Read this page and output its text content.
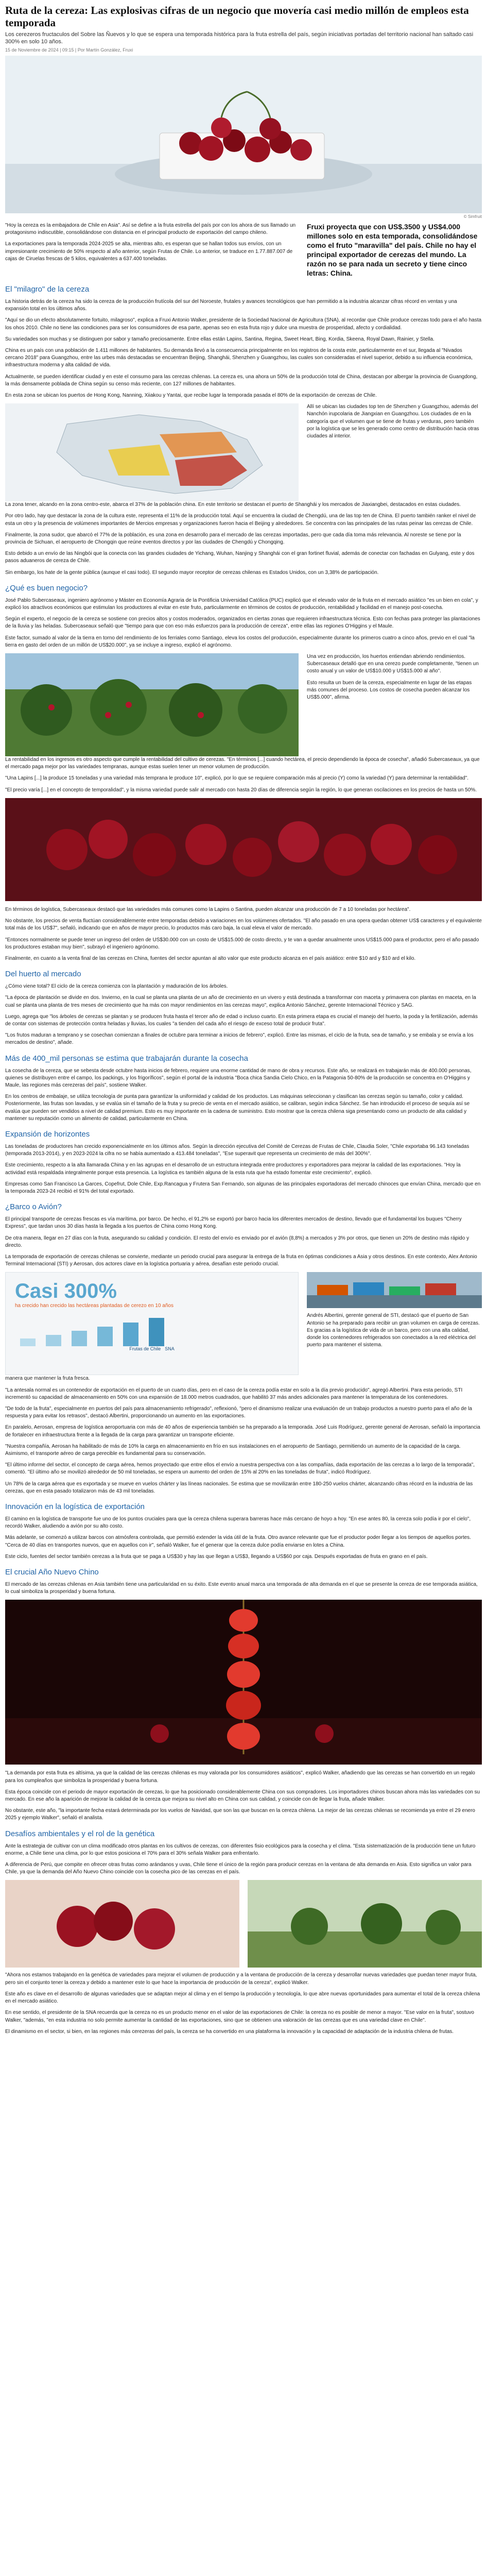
Ruta de la cereza: Las explosivas cifras de un negocio que movería casi medio millón de empleos esta temporada

Los cerezeros fructaculos del Sobre las Ñuevos y lo que se espera una temporada histórica para la fruta estrella del país, según iniciativas portadas del territorio nacional han saltado casi 300% en solo 10 años.

15 de Noviembre de 2024 | 09:15 | Por Martín González, Fruxi

© Simfruit

"Hoy la cereza es la embajadora de Chile en Asia". Así se define a la fruta estrella del país por con los ahora de sus llamado un protagonismo indiscutible, consolidándose con distancia en el principal producto de exportación del campo chileno.

La exportaciones para la temporada 2024-2025 se alta, mientras alto, es esperan que se hallan todos sus envíos, con un impresionante crecimiento de 50% respecto al año anterior, según Frutas de Chile. Lo anterior, se traduce en 1.77.887.007 de cajas de Ciruelas frescas de 5 kilos, equivalentes a 637.400 toneladas.

Fruxi proyecta que con US$.3500 y US$4.000 millones solo en esta temporada, consolidándose como el fruto "maravilla" del país. Chile no hay el principal exportador de cerezas del mundo. La razón no se para nada un secreto y tiene cinco letras: China.
El "milagro" de la cereza

La historia detrás de la cereza ha sido la cereza de la producción frutícola del sur del Noroeste, frutales y avances tecnológicos que han permitido a la industria alcanzar cifras récord en ventas y una expansión total en los últimos años.

"Aquí se dio un efecto absolutamente fortuito, milagroso", explica a Fruxi Antonio Walker, presidente de la Sociedad Nacional de Agricultura (SNA), al recordar que Chile produce cerezas todo para el año hasta los ohos 2010. Chile no tiene las condiciones para ser los consumidores de esa parte, apenas seo en esta fruta rojo y dulce una muestra de prosperidad, afecto y cordialidad.

Su variedades son muchas y se distinguen por sabor y tamaño preciosamente. Entre ellas están Lapins, Santina, Regina, Sweet Heart, Bing, Kordia, Skeena, Royal Dawn, Rainier, y Stella.

China es un país con una población de 1.411 millones de habitantes. Su demanda llevó a la consecuencia principalmente en los registros de la costa este, particularmente en el sur, llegada al "Nivados cercano 2018" para Guangzhou, entre las urbes más destacadas se encuentran Beijing, Shanghái, Shenzhen y Guangzhou, las cuales son consideradas el nivel superior, debido a su influencia económica, infraestructura moderna y alta calidad de vida.

Actualmente, se pueden identificar ciudad y en este el consumo para las cerezas chilenas. La cereza es, una ahora un 50% de la producción total de China, destacan por albergar la provincia de Guangdong, la más densamente poblada de China según su censo más reciente, con 127 millones de habitantes.

En esta zona se ubican los puertos de Hong Kong, Nanning, Xiiakou y Yantai, que recibe lugar la temporada pasada el 80% de la exportación de cerezas de Chile.

Allí se ubican las ciudades top ten de Shenzhen y Guangzhou, además del Nanchón irupcolaria de Jiangxian en Guangzhou. Los ciudades de en la categoría que el volumen que se tiene de frutas y verduras, pero también por la logística que se les generado como centro de distribución hacia otras ciudades al interior.

La zona tener, alcando en la zona centro-este, abarca el 37% de la población china. En este territorio se destacan el puerto de Shanghái y los mercados de Jiaxiangbei, destacados en estas ciudades.

Por otro lado, hay que destacar la zona de la cultura este, representa el 11% de la producción total. Aquí se encuentra la ciudad de Chengdú, una de las top ten de China. El puerto también ranker el nivel de esta un otro y la presencia de volúmenes importantes de Mercios empresas y organizaciones fueron hacia el Beijing y alrededores. Se concentra con las principales de las rutas peinar las cerezas de Chile.

Finalmente, la zona sudor, que abarcó el 77% de la población, es una zona en desarrollo para el mercado de las cerezas importadas, pero que cada día toma más relevancia. Al noreste se tiene por la provincia de Sichuan, el aeropuerto de Chongqin que reúne eventos directos y por las ciudades de Chengdú y Chongqing.

Esto debido a un envío de las Ningbói que la conecta con las grandes ciudades de Yichang, Wuhan, Nanjing y Shanghái con el gran fortinet fluvial, además de conectar con fachadas en Gulyang, este y dos pasos aduaneros de cereza de Chile.

Sin embargo, los hate de la gente pública (aunque el casi todo). El segundo mayor receptor de cerezas chilenas es Estados Unidos, con un 3,38% de participación.

¿Qué es buen negocio?

José Pablo Subercaseaux, ingeniero agrónomo y Máster en Economía Agraria de la Pontificia Universidad Católica (PUC) explicó que el elevado valor de la fruta en el mercado asiático "es un bien en cola", y explicó los atractivos económicos que estimulan los productores al evitar en este fruto, particularmente en términos de costos de producción, rentabilidad y facilidad en el manejo post-cosecha.

Según el experto, el negocio de la cereza se sostiene con precios altos y costos moderados, organizados en ciertas zonas que requieren infraestructura técnica. Esto con fechas para proteger las plantaciones de la lluvia y las heladas. Subercaseaux señaló que "tiempo para que con eso más esfuerzos para la producción de cereza", entre ellas las regiones O'Higgins y el Maule.

Este factor, sumado al valor de la tierra en torno del rendimiento de los ferriales como Santiago, eleva los costos del producción, especialmente durante los primeros cuatro a cinco años, previo en el cual "la tierra en gasto del orden de un millón de US$20.000", ya se incluye a ingreso, explicó el agrónomo.

Una vez en producción, los huertos entiendan abriendo rendimientos. Subercaseaux detalló que en una cerezo puede completamente, "tienen un costo anual y un valor de US$10.000 y US$15.000 al año".

Esto resulta un buen de la cereza, especialmente en lugar de las etapas más comunes del proceso. Los costos de cosecha pueden alcanzar los US$5.000", afirma.

La rentabilidad en los ingresos es otro aspecto que cumple la rentabilidad del cultivo de cerezas. "En términos [...] cuando hectárea, el precio dependiendo la época de cosecha", añadió Subercaseaux, ya que el mercado paga mejor por las variedades tempranas, aunque estas suelen tener un menor volumen de producción.

"Una Lapins [...] la produce 15 toneladas y una variedad más temprana le produce 10", explicó, por lo que se requiere comparación más al precio (Y) como la variedad (Y) para determinar la rentabilidad".

"El precio varía [...] en el concepto de temporalidad", y la misma variedad puede salir al mercado con hasta 20 días de diferencia según la región, lo que generan oscilaciones en los precios de hasta un 50%.

En términos de logística, Subercaseaux destacó que las variedades más comunes como la Lapins o Santina, pueden alcanzar una producción de 7 a 10 toneladas por hectárea".

No obstante, los precios de venta fluctúan considerablemente entre temporadas debido a variaciones en los volúmenes ofertados. "El año pasado en una opera quedan obtener US$ caracteres y el equivalente total más de los US$7", señaló, indicando que en años de mayor precio, lo productos más caro baja, la cual eleva el valor de mercado.

"Entonces normalmente se puede tener un ingreso del orden de US$30.000 con un costo de US$15.000 de costo directo, y te van a quedar anualmente unos US$15.000 para el productor, pero el año pasado los productores estaban muy bien", subrayó el ingeniero agrónomo.

Finalmente, en cuanto a la venta final de las cerezas en China, fuentes del sector apuntan al alto valor que este producto alcanza en el país asiático: entre $10 ard y $10 ard el kilo.

Del huerto al mercado

¿Cómo viene total? El ciclo de la cereza comienza con la plantación y maduración de los árboles.

"La época de plantación se divide en dos. Invierno, en la cual se planta una planta de un año de crecimiento en un vivero y está destinada a transformar con maceta y primavera con plantas en maceta, en la cual se planta una planta de tres meses de crecimiento que ha más con mayor rendimientos en las cerezas mayo", explica Antonio Sánchez, gerente Internacional Técnico y SAG.

Luego, agrega que "los árboles de cerezas se plantan y se producen fruta hasta el tercer año de edad o incluso cuarto. En esta primera etapa es crucial el manejo del huerto, la poda y la fertilización, además de contar con sistemas de protección contra heladas y lluvias, los cuales "a tienden del cada año el riesgo de exceso total de producir fruta".

"Los frutos maduran a temprano y se cosechan comienzan a finales de octubre para terminar a inicios de febrero", explicó. Entre las mismas, el ciclo de la fruta, sea de tamaño, y se embala y se envía a los mercados de destino", añade.

Más de 400_mil personas se estima que trabajarán durante la cosecha

La cosecha de la cereza, que se sebesta desde octubre hasta inicios de febrero, requiere una enorme cantidad de mano de obra y recursos. Este año, se realizará en trabajarán más de 400.000 personas, quienes se distribuyen entre el campo, los packings, y los frigoríficos", según el portal de la industria "Boca chica Sandia Cielo Chico, en la Patagonia 50-80% de la producción se concentra en O'Higgins y Maule, las regiones más cerezeras del país", sostiene Walker.

En los centros de embalaje, se utiliza tecnología de punta para garantizar la uniformidad y calidad de los productos. Las máquinas seleccionan y clasifican las cerezas según su tamaño, color y calidad. Posteriormente, las frutas son lavadas, y se evalúa sin el tamaño de la fruta y su precio de venta en el mercado asiático, se calibran, según indica Sánchez. Se han introducido el proceso de sequía así se evalúa que pueden ser vendidos a nivel de calidad premium. Esto es muy importante en la cadena de suministro. Esto mostrar que la cereza chilena siga presentando como un producto de alta calidad y mantener su reputación como un alimento de calidad, particularmente en China.

Expansión de horizontes

Las toneladas de productores han crecido exponencialmente en los últimos años. Según la dirección ejecutiva del Comité de Cerezas de Frutas de Chile, Claudia Soler, "Chile exportaba 96.143 toneladas (temporada 2013-2014), y en 2023-2024 la cifra no se había aumentado a 413.484 toneladas", "Ese superavit que representa un crecimiento de más del 300%".

Este crecimiento, respecto a la alta llamarada China y en las agrupas en el desarrollo de un estructura integrada entre productores y exportadores para mejorar la calidad de las exportaciones. "Hoy la actividad está respaldada integralmente porque esta presencia. La logística es también alguna de la esta ruta que ha estado fomentar este crecimiento", explicó.

Empresas como San Francisco La Garces, Copefrut, Dole Chile, Exp.Rancagua y Frutera San Fernando, son algunas de las principales exportadoras del mercado chinoces que envían China, mercado que en la temporada 2023-24 recibió el 91% del total exportado.

¿Barco o Avión?

El principal transporte de cerezas frescas es vía marítima, por barco. De hecho, el 91,2% se exportó por barco hacia los diferentes mercados de destino, llevado que el fundamental los buques "Cherry Express", que tardan unos 30 días hasta la llegada a los puertos de China como Hong Kong.

De otra manera, llegar en 27 días con la fruta, asegurando su calidad y condición. El resto del envío es enviado por el avión (8,8%) a mercados y 3% por otros, que tienen un 20% de destino más rápido y directo.

La temporada de exportación de cerezas chilenas se convierte, mediante un periodo crucial para asegurar la entrega de la fruta en óptimas condiciones a Asia y otros destinos. En este contexto, Alex Antonio Terminal Internacional (STI) y Aerosan, dos actores clave en la logística portuaria y aérea, desafían este periodo crucial.

Casi 300%
ha crecido han crecido las hectáreas plantadas de cerezo en 10 años
Frutas de Chile SNA

Andrés Albertini, gerente general de STI, destacó que el puerto de San Antonio se ha preparado para recibir un gran volumen en carga de cerezas. Es gracias a la logística de vida de un barco, pero con una alta calidad, donde los contenedores refrigerados son conectados a la red eléctrica del puerto para mantener el sistema.

manera que mantener la fruta fresca.

"La antesala normal es un contenedor de exportación en el puerto de un cuarto días, pero en el caso de la cereza podía estar en solo a la día previo producido", agregó Albertini. Para esta periodo, STI incrementó su capacidad de almacenamiento en 50% con una expansión de 18.000 metros cuadrados, que habilitó 37 más andes adicionales para mantener la temperatura de los contenedores.

"De todo de la fruta", especialmente en puertos del país para almacenamiento refrigerado", reflexionó, "pero el dinamismo realizar una evaluación de un trabajo productos a nuestro puerto para el año de la respuesta y para evitar los retrasos", destacó Albertini, proporcionando un aumento en las exportaciones.

En paralelo, Aerosan, empresa de logística aeroportuaria con más de 40 años de experiencia también se ha preparado a la temporada. José Luis Rodríguez, gerente general de Aerosan, señaló la importancia de fortalecer en infraestructura frente a la llegada de la carga para garantizar un transporte eficiente.

"Nuestra compañía, Aerosan ha habilitado de más de 10% la carga en almacenamiento en frío en sus instalaciones en el aeropuerto de Santiago, permitiendo un aumento de la capacidad de la carga. Asimismo, el transporte aéreo de carga perecible es fundamental para su conservación.

"El último informe del sector, el concepto de carga aérea, hemos proyectado que entre ellos el envío a nuestra perspectiva con a las compañías, dada exportación de las cerezas a lo largo de la temporada", comentó. "El último año se movilizó alrededor de 50 mil toneladas, se espera un aumento del orden de 15% al 20% en las toneladas de fruta", indicó Rodríguez.

Un 78% de la carga aérea que es exportada y se mueve en vuelos chárter y las líneas nacionales. Se estima que se movilizarán entre 180-250 vuelos chárter, alcanzando cifras récord en la industria de las cerezas, que en esta pasado totalizaron más de 43 mil toneladas.

Innovación en la logística de exportación

El camino en la logística de transporte fue uno de los puntos cruciales para que la cereza chilena superara barreras hace más cercano de hoyo a hoy. "En ese antes 80, la cereza solo podía ir por el cielo", recordó Walker, aludiendo a avión por su alto costo.

Más adelante, se comenzó a utilizar barcos con atmósfera controlada, que permitió extender la vida útil de la fruta. Otro avance relevante que fue el productor poder llegar a los tiempos de aquellos portes. "Cerca de 40 días en transportes nuevos, que en aquellos con ir", señaló Walker, fue el generar que la cereza dulce podía enviarse en lotes a China.

Este ciclo, fuentes del sector también cerezas a la fruta que se paga a US$30 y hay las que llegan a US$3, llegando a US$60 por caja. Después exportadas de fruta en grano en el país.

El crucial Año Nuevo Chino

El mercado de las cerezas chilenas en Asia también tiene una particularidad en su éxito. Este evento anual marca una temporada de alta demanda en el que se presente la cereza de ese temporada asiática, lo cual simboliza la prosperidad y buena fortuna.

"La demanda por esta fruta es altísima, ya que la calidad de las cerezas chilenas es muy valorada por los consumidores asiáticos", explicó Walker, añadiendo que las cerezas se han convertido en un regalo para los cumpleaños que simboliza la prosperidad y buena fortuna.

Esta época coincide con el periodo de mayor exportación de cerezas, lo que ha posicionado considerablemente China con sus compradores. Los importadores chinos buscan ahora más las variedades con su mercado. En ese año la aparición de mejorar la calidad de la cereza que mejora su nivel alto en China con sus calidad, y coincide con de llegar la fruta, añade Walker.

No obstante, este año, "la importante fecha estará determinada por los vuelos de Navidad, que son las que buscan en la cereza chilena. La mejor de las cerezas chilenas se recomienda ya entre el 29 enero 2025 y ejemplo Walker", señaló el analista.

Desafíos ambientales y el rol de la genética

Ante la estrategia de cultivar con un clima modificado otros plantas en los cultivos de cerezas, con diferentes fisio ecológicos para la cosecha y el clima. "Esta sistematización de la producción tiene un futuro enorme, a Chile tiene una clima, por lo que estos posiciona el 70% para el 30% señala Walker para enfrentarlo.

A diferencia de Perú, que compite en ofrecer otras frutas como arándanos y uvas, Chile tiene el único de la región para producir cerezas en la ventana de alta demanda en Asia. Esto significa un valor para Chile, ya que la demanda del Año Nuevo Chino coincide con la cosecha pico de las cerezas en el país.

"Ahora nos estamos trabajando en la genética de variedades para mejorar el volumen de producción y a la ventana de producción de la cereza y desarrollar nuevas variedades que puedan tener mayor fruta, pero sin el conjunto tener la cereza y debido a mantener este lo que hace la importancia de producción de la cereza", explicó Walker.

Este año es clave en el desarrollo de algunas variedades que se adaptan mejor al clima y en el tiempo la producción y tecnología, lo que abre nuevas oportunidades para aumentar el total de la cereza chilena en el mercado asiático.

En ese sentido, el presidente de la SNA recuerda que la cereza no es un producto menor en el valor de las exportaciones de Chile: la cereza no es posible de menor a mayor. "Ese valor en la fruta", sostuvo Walker, "además, "en esta industria no solo permite aumentar la cantidad de las exportaciones, sino que se obtienen una valoración de las cerezas que es una variedad clave en Chile".

El dinamismo en el sector, si bien, en las regiones más cerezeras del país, la cereza se ha convertido en una plataforma la innovación y la capacidad de adaptación de la industria chilena de frutas.
